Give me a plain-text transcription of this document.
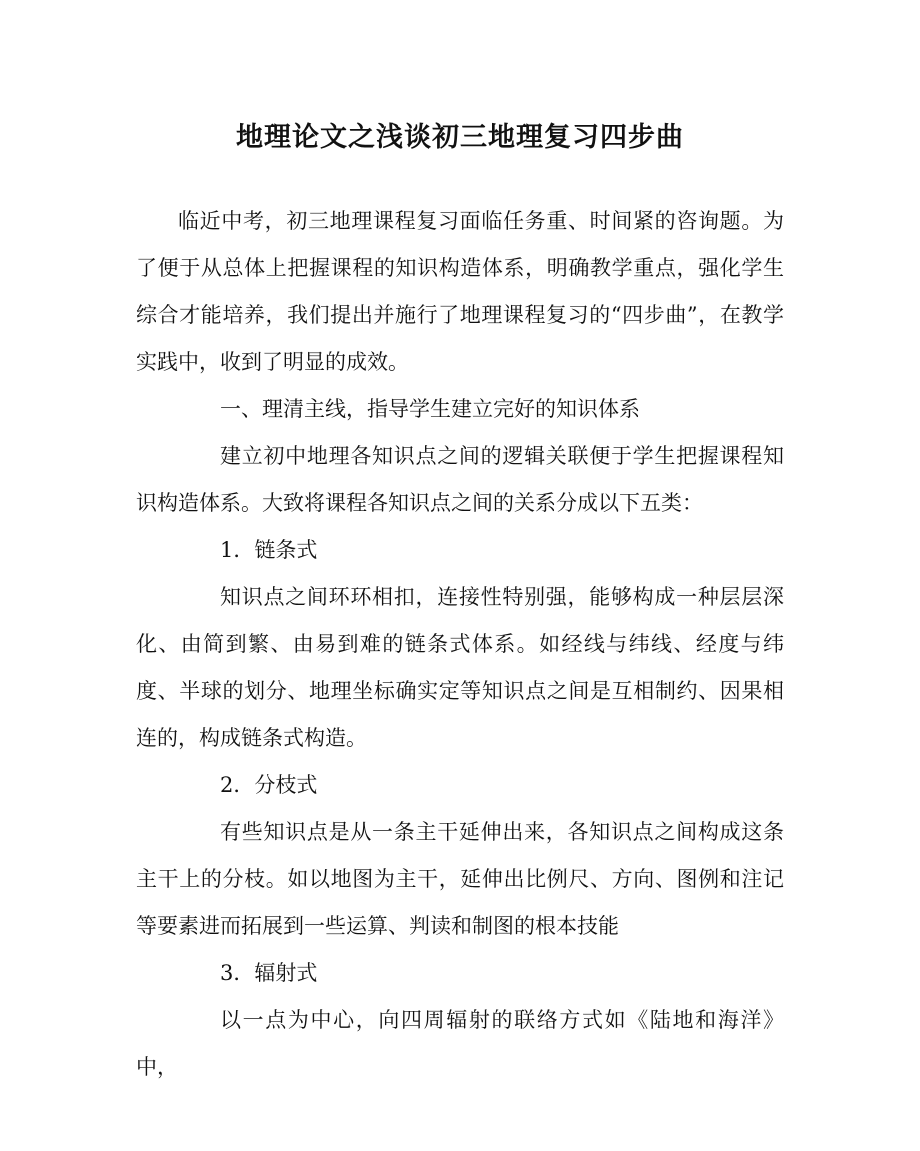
地理论文之浅谈初三地理复习四步曲

临近中考，初三地理课程复习面临任务重、时间紧的咨询题。为了便于从总体上把握课程的知识构造体系，明确教学重点，强化学生综合才能培养，我们提出并施行了地理课程复习的“四步曲”，在教学实践中，收到了明显的成效。

一、理清主线，指导学生建立完好的知识体系

建立初中地理各知识点之间的逻辑关联便于学生把握课程知识构造体系。大致将课程各知识点之间的关系分成以下五类：

1．链条式

知识点之间环环相扣，连接性特别强，能够构成一种层层深化、由简到繁、由易到难的链条式体系。如经线与纬线、经度与纬度、半球的划分、地理坐标确实定等知识点之间是互相制约、因果相连的，构成链条式构造。

2．分枝式

有些知识点是从一条主干延伸出来，各知识点之间构成这条主干上的分枝。如以地图为主干，延伸出比例尺、方向、图例和注记等要素进而拓展到一些运算、判读和制图的根本技能

3．辐射式

以一点为中心，向四周辐射的联络方式如《陆地和海洋》中，
